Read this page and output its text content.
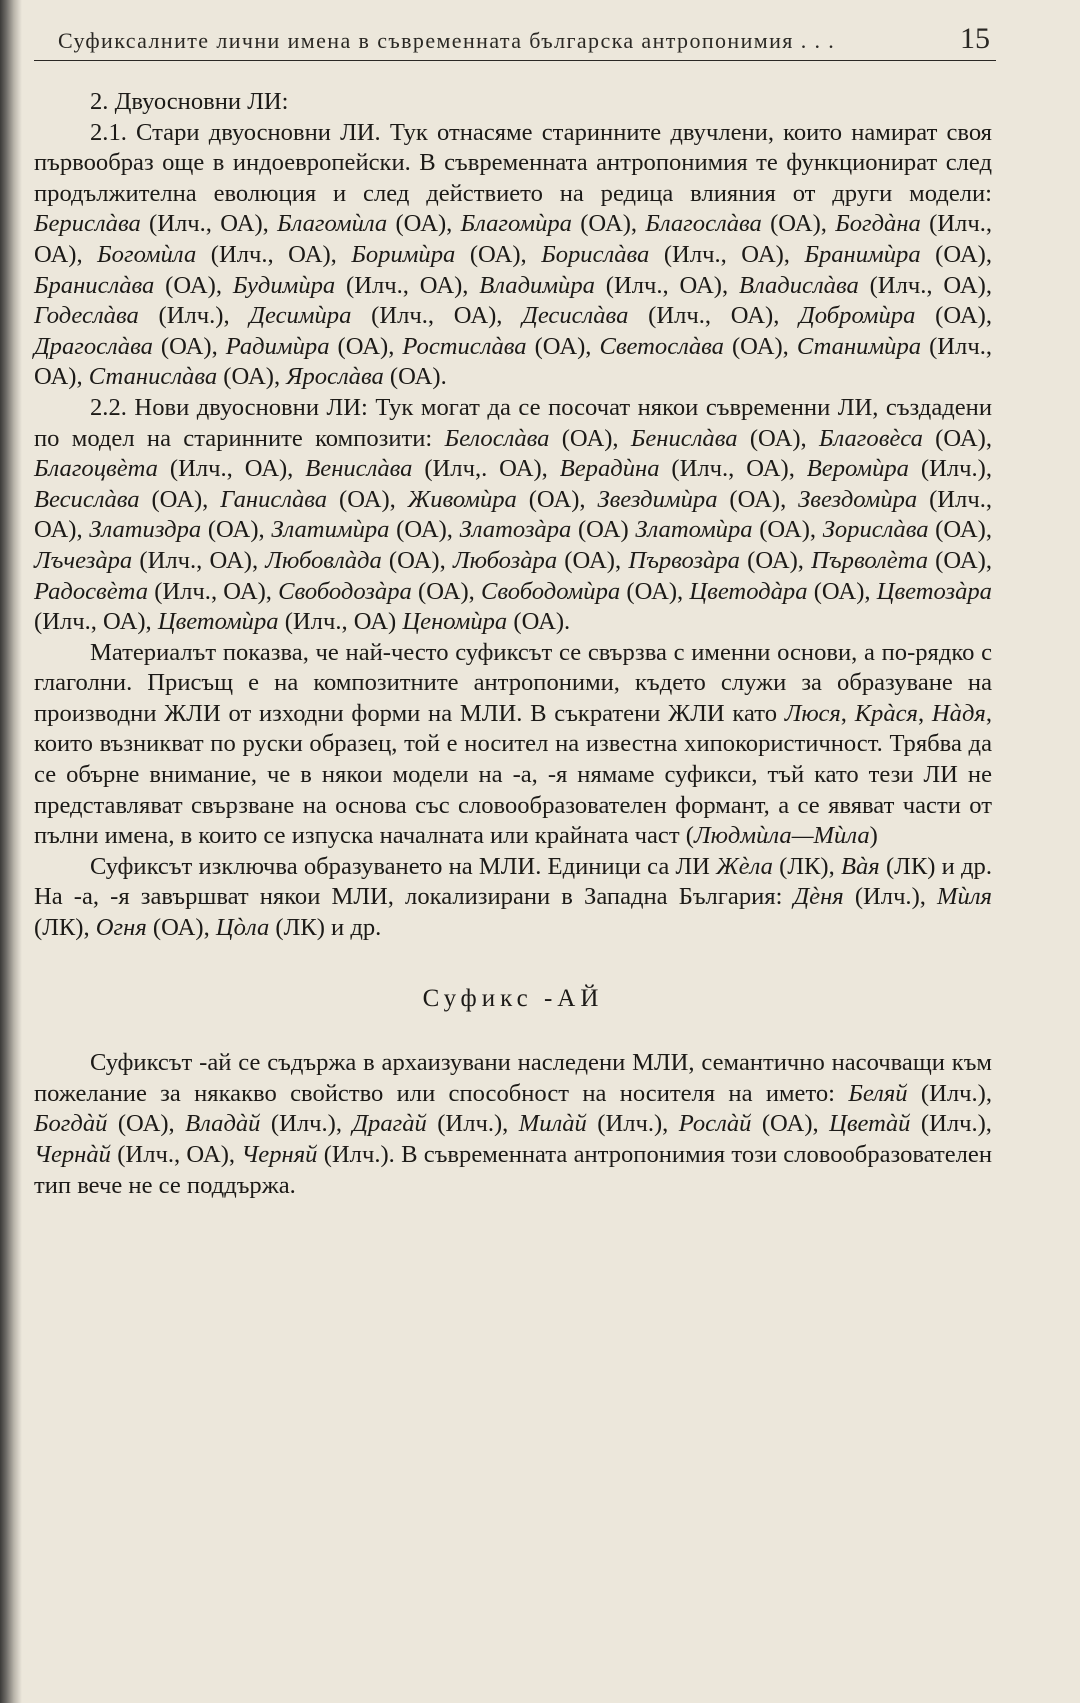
Суфиксалните лични имена в съвременната българска антропонимия . . .	15

2. Двуосновни ЛИ:

2.1. Стари двуосновни ЛИ. Тук отнасяме старинните двучлени, които намират своя първообраз още в индоевропейски. В съвременната антропонимия те функционират след продължителна еволюция и след действието на редица влияния от други модели: Берислàва (Илч., ОА), Благомùла (ОА), Благомùра (ОА), Благослàва (ОА), Богдàна (Илч., ОА), Богомùла (Илч., ОА), Боримùра (ОА), Борислàва (Илч., ОА), Бранимùра (ОА), Бранислàва (ОА), Будимùра (Илч., ОА), Владимùра (Илч., ОА), Владислàва (Илч., ОА), Годеслàва (Илч.), Десимùра (Илч., ОА), Десислàва (Илч., ОА), Добромùра (ОА), Драгослàва (ОА), Радимùра (ОА), Ростислàва (ОА), Светослàва (ОА), Станимùра (Илч., ОА), Станислàва (ОА), Ярослàва (ОА).

2.2. Нови двуосновни ЛИ: Тук могат да се посочат някои съвременни ЛИ, създадени по модел на старинните композити: Белослàва (ОА), Бенислàва (ОА), Благовèса (ОА), Благоцвèта (Илч., ОА), Венислàва (Илч,. ОА), Верадùна (Илч., ОА), Веромùра (Илч.), Весислàва (ОА), Ганислàва (ОА), Живомùра (ОА), Звездимùра (ОА), Звездомùра (Илч., ОА), Златиздра (ОА), Златимùра (ОА), Златозàра (ОА) Златомùра (ОА), Зорислàва (ОА), Лъчезàра (Илч., ОА), Любовлàда (ОА), Любозàра (ОА), Първозàра (ОА), Първолèта (ОА), Радосвèта (Илч., ОА), Свободозàра (ОА), Свободомùра (ОА), Цветодàра (ОА), Цветозàра (Илч., ОА), Цветомùра (Илч., ОА) Ценомùра (ОА).

Материалът показва, че най-често суфиксът се свързва с именни основи, а по-рядко с глаголни. Присъщ е на композитните антропоними, където служи за образуване на производни ЖЛИ от изходни форми на МЛИ. В съкратени ЖЛИ като Люся, Крàся, Нàдя, които възникват по руски образец, той е носител на известна хипокористичност. Трябва да се обърне внимание, че в някои модели на -а, -я нямаме суфикси, тъй като тези ЛИ не представляват свързване на основа със словообразователен формант, а се явяват части от пълни имена, в които се изпуска началната или крайната част (Людмùла—Мùла)

Суфиксът изключва образуването на МЛИ. Единици са ЛИ Жèла (ЛК), Вàя (ЛК) и др. На -а, -я завършват някои МЛИ, локализирани в Западна България: Дèня (Илч.), Мùля (ЛК), Огня (ОА), Цòла (ЛК) и др.

Суфикс -АЙ

Суфиксът -ай се съдържа в архаизувани наследени МЛИ, семантично насочващи към пожелание за някакво свойство или способност на носителя на името: Беляй (Илч.), Богдàй (ОА), Владàй (Илч.), Драгàй (Илч.), Милàй (Илч.), Рослàй (ОА), Цветàй (Илч.), Чернàй (Илч., ОА), Черняй (Илч.). В съвременната антропонимия този словообразователен тип вече не се поддържа.
